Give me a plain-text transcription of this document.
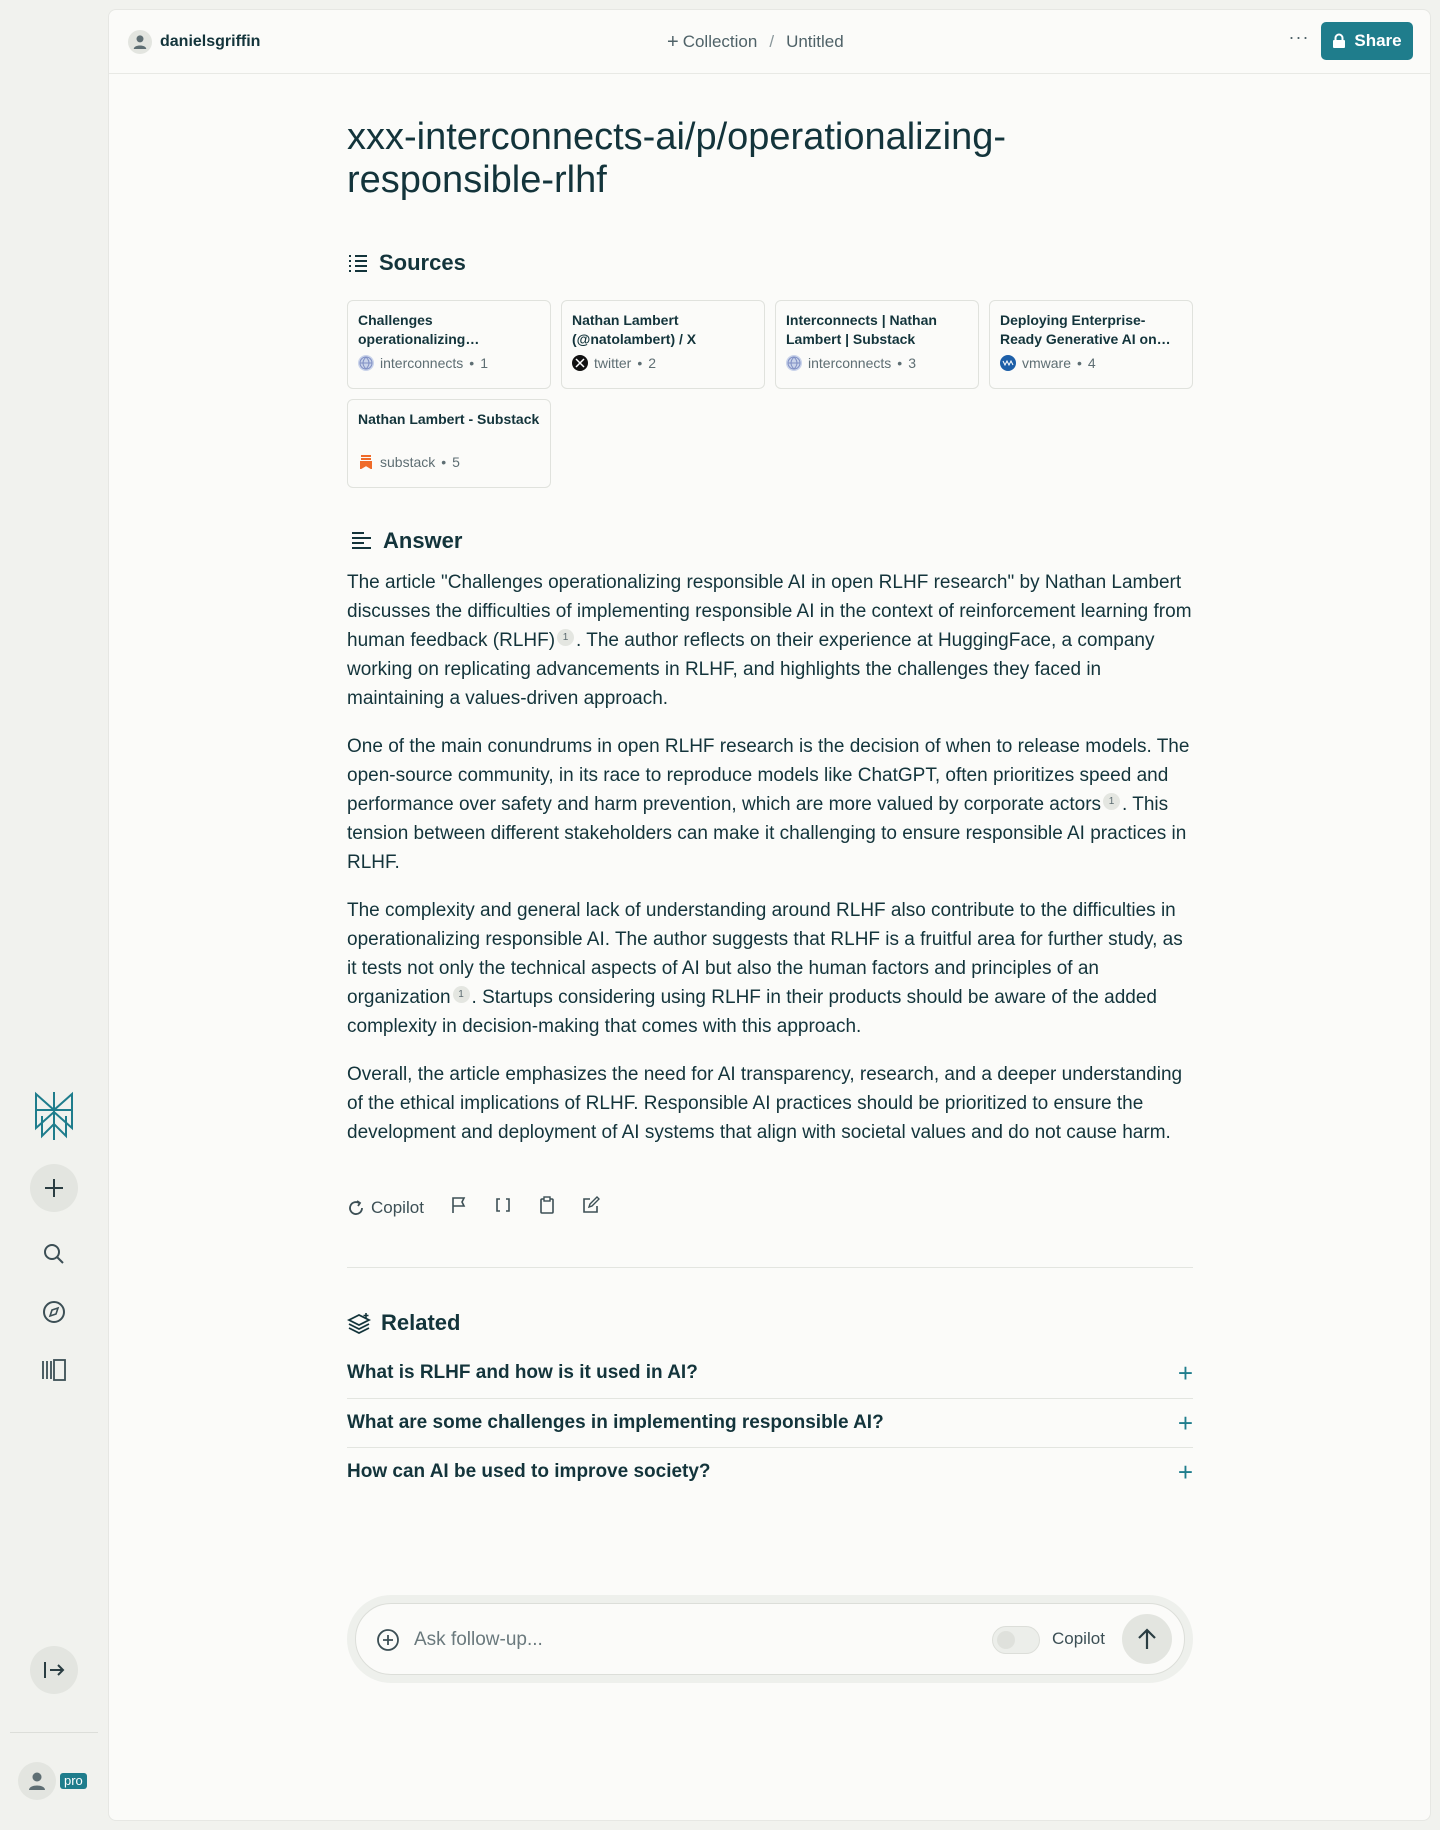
pro
danielsgriffin	+ Collection / Untitled	···	Share
xxx-interconnects-ai/p/operationalizing-responsible-rlhf
Sources
Challenges operationalizing…
interconnects • 1
Nathan Lambert (@natolambert) / X
twitter • 2
Interconnects | Nathan Lambert | Substack
interconnects • 3
Deploying Enterprise-Ready Generative AI on…
vmware • 4
Nathan Lambert - Substack
substack • 5
Answer

The article "Challenges operationalizing responsible AI in open RLHF research" by Nathan Lambert discusses the difficulties of implementing responsible AI in the context of reinforcement learning from human feedback (RLHF) 1 . The author reflects on their experience at HuggingFace, a company working on replicating advancements in RLHF, and highlights the challenges they faced in maintaining a values-driven approach.

One of the main conundrums in open RLHF research is the decision of when to release models. The open-source community, in its race to reproduce models like ChatGPT, often prioritizes speed and performance over safety and harm prevention, which are more valued by corporate actors 1 . This tension between different stakeholders can make it challenging to ensure responsible AI practices in RLHF.

The complexity and general lack of understanding around RLHF also contribute to the difficulties in operationalizing responsible AI. The author suggests that RLHF is a fruitful area for further study, as it tests not only the technical aspects of AI but also the human factors and principles of an organization 1 . Startups considering using RLHF in their products should be aware of the added complexity in decision-making that comes with this approach.

Overall, the article emphasizes the need for AI transparency, research, and a deeper understanding of the ethical implications of RLHF. Responsible AI practices should be prioritized to ensure the development and deployment of AI systems that align with societal values and do not cause harm.

Copilot
Related
What is RLHF and how is it used in AI?	+
What are some challenges in implementing responsible AI?	+
How can AI be used to improve society?	+
Ask follow-up...
Copilot
